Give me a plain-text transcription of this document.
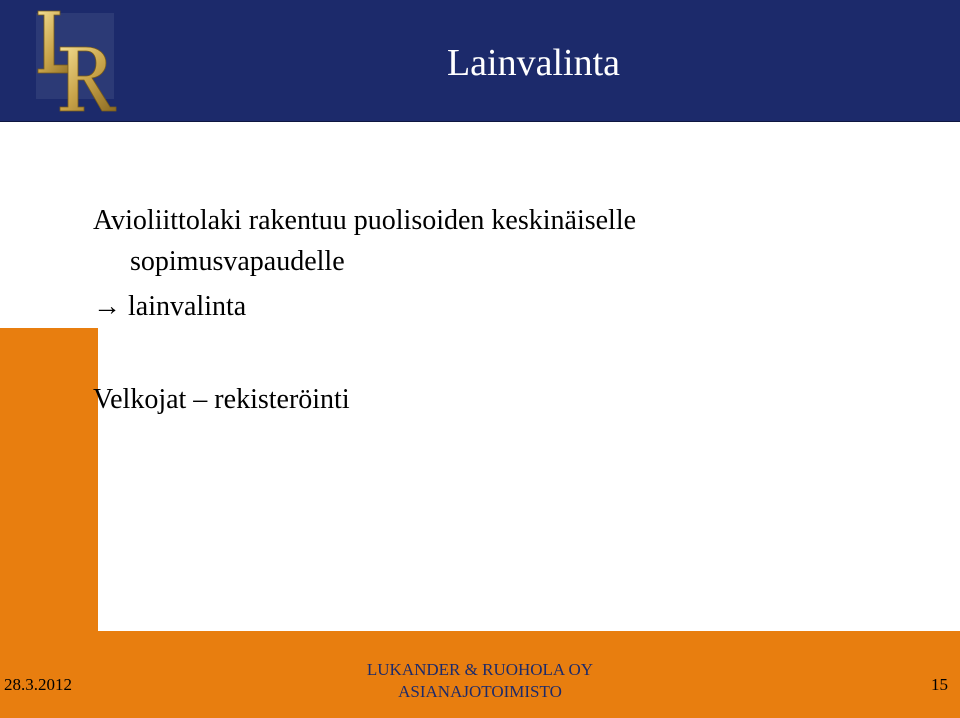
Lainvalinta
Avioliittolaki rakentuu puolisoiden keskinäiselle
sopimusvapaudelle
→ lainvalinta
Velkojat – rekisteröinti
28.3.2012
LUKANDER & RUOHOLA OY
ASIANAJOTOIMISTO	15
